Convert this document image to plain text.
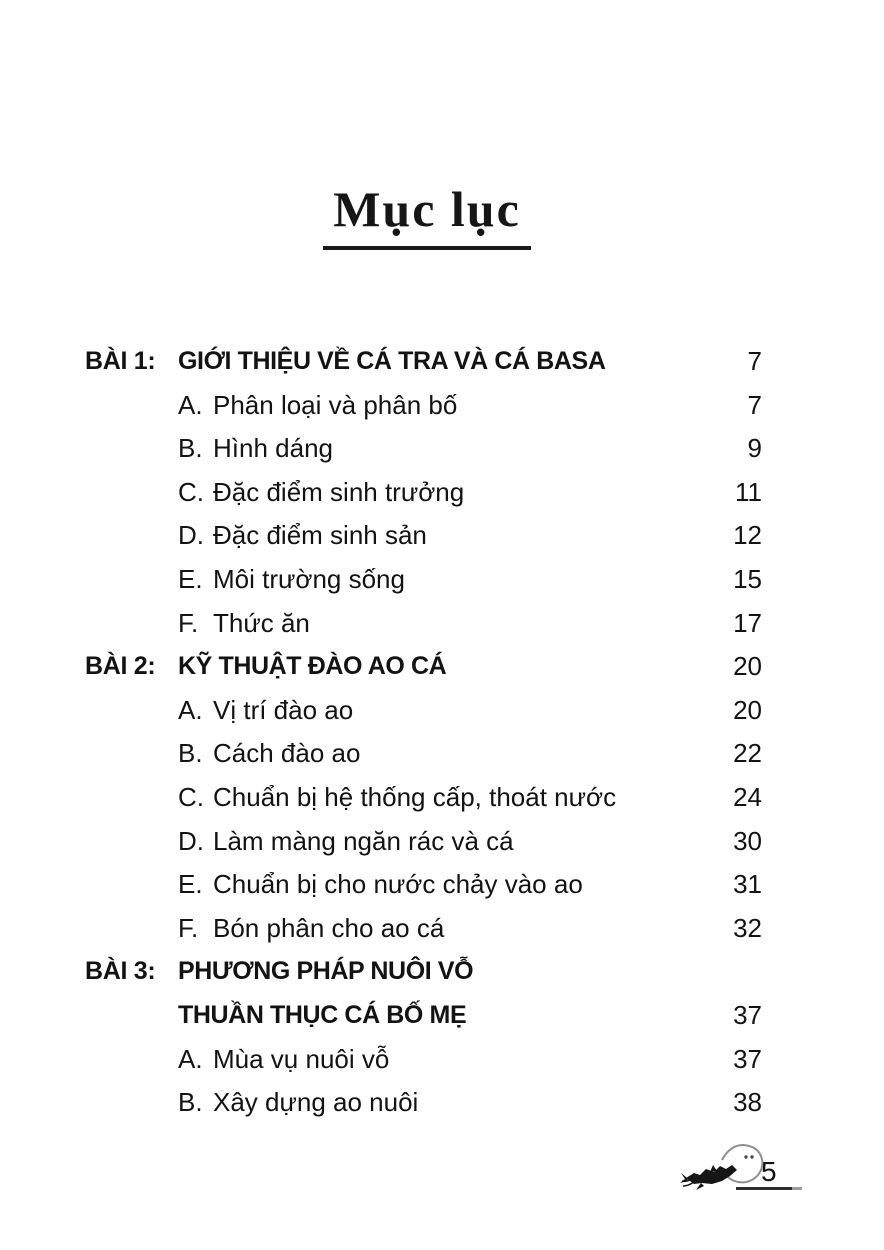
Mục lục
BÀI 1: GIỚI THIỆU VỀ CÁ TRA VÀ CÁ BASA	7
A. Phân loại và phân bố	7
B. Hình dáng	9
C. Đặc điểm sinh trưởng	11
D. Đặc điểm sinh sản	12
E. Môi trường sống	15
F. Thức ăn	17
BÀI 2: KỸ THUẬT ĐÀO AO CÁ	20
A. Vị trí đào ao	20
B. Cách đào ao	22
C. Chuẩn bị hệ thống cấp, thoát nước	24
D. Làm màng ngăn rác và cá	30
E. Chuẩn bị cho nước chảy vào ao	31
F. Bón phân cho ao cá	32
BÀI 3: PHƯƠNG PHÁP NUÔI VỖ
THUẦN THỤC CÁ BỐ MẸ	37
A. Mùa vụ nuôi vỗ	37
B. Xây dựng ao nuôi	38
5
